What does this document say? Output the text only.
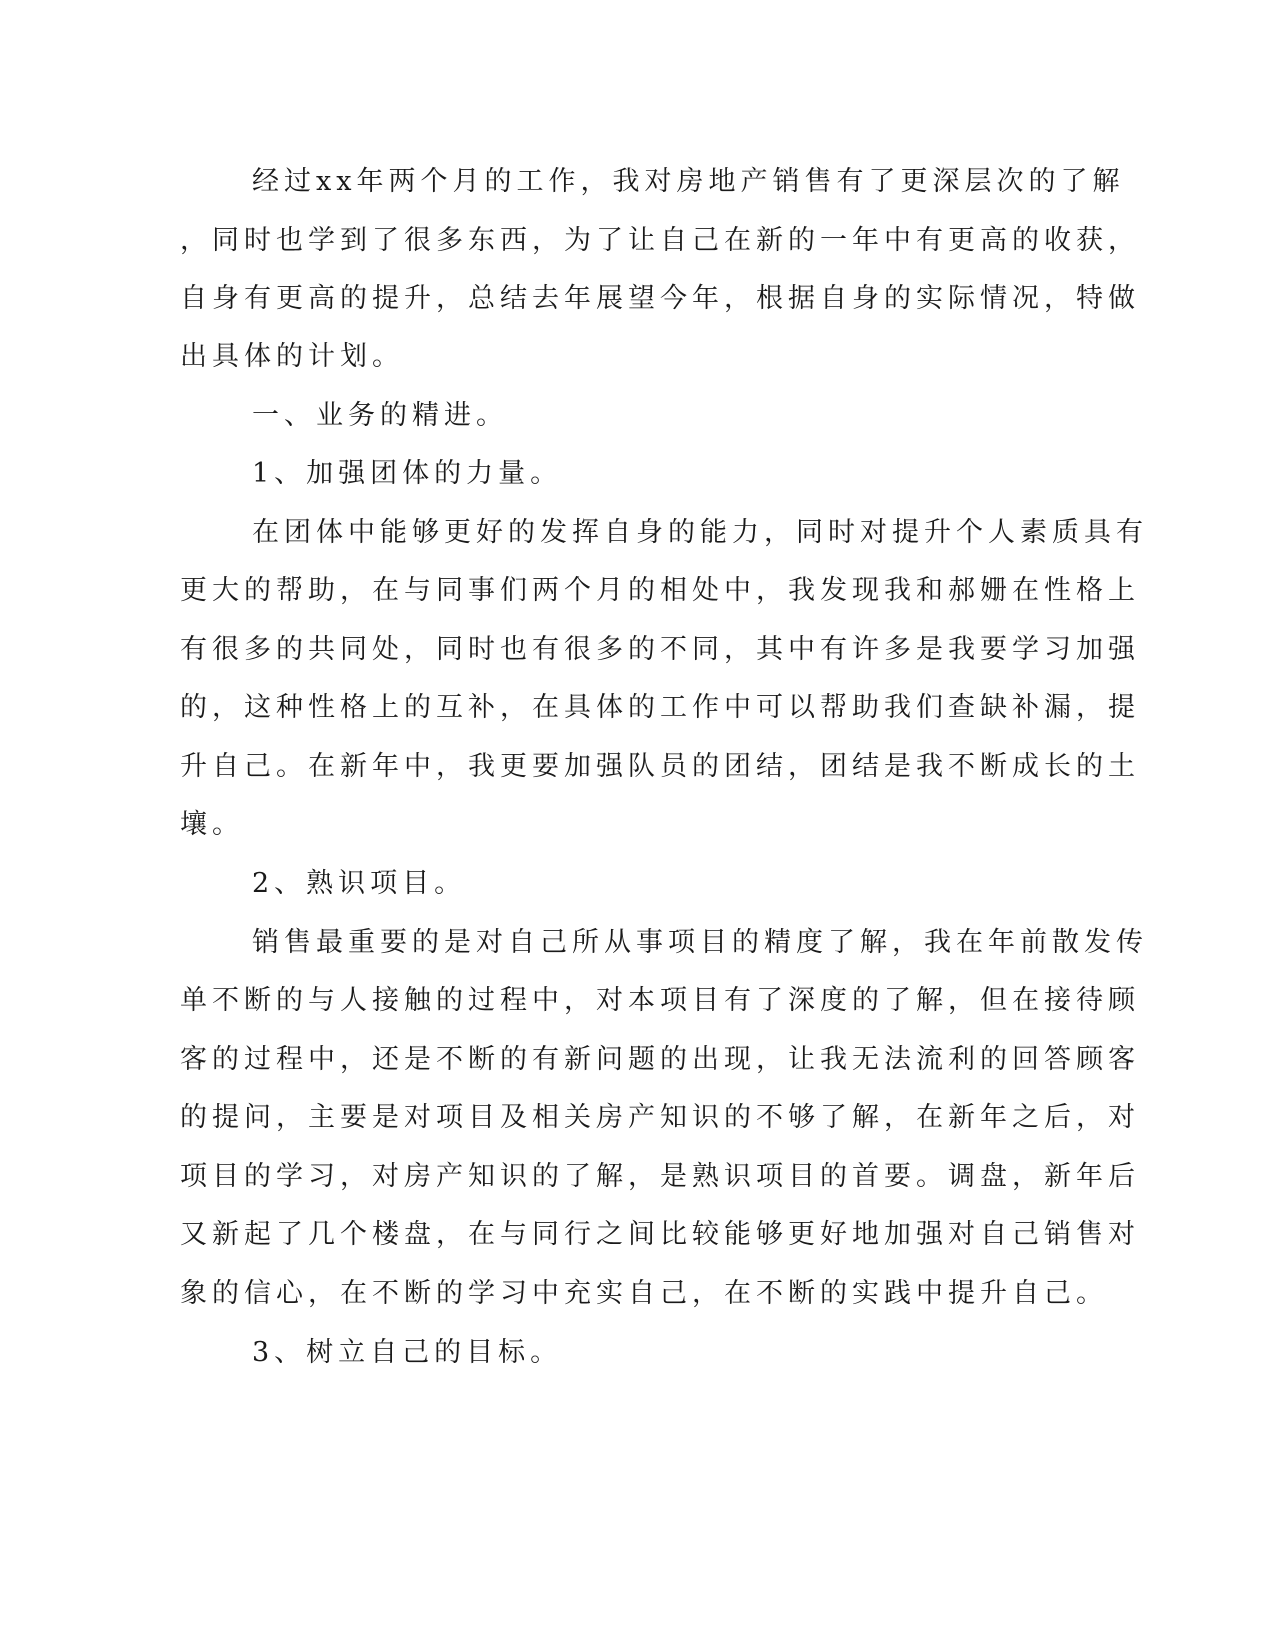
经过xx年两个月的工作，我对房地产销售有了更深层次的了解
，同时也学到了很多东西，为了让自己在新的一年中有更高的收获，
自身有更高的提升，总结去年展望今年，根据自身的实际情况，特做
出具体的计划。
一、业务的精进。
1、加强团体的力量。
在团体中能够更好的发挥自身的能力，同时对提升个人素质具有
更大的帮助，在与同事们两个月的相处中，我发现我和郝姗在性格上
有很多的共同处，同时也有很多的不同，其中有许多是我要学习加强
的，这种性格上的互补，在具体的工作中可以帮助我们查缺补漏，提
升自己。在新年中，我更要加强队员的团结，团结是我不断成长的土
壤。
2、熟识项目。
销售最重要的是对自己所从事项目的精度了解，我在年前散发传
单不断的与人接触的过程中，对本项目有了深度的了解，但在接待顾
客的过程中，还是不断的有新问题的出现，让我无法流利的回答顾客
的提问，主要是对项目及相关房产知识的不够了解，在新年之后，对
项目的学习，对房产知识的了解，是熟识项目的首要。调盘，新年后
又新起了几个楼盘，在与同行之间比较能够更好地加强对自己销售对
象的信心，在不断的学习中充实自己，在不断的实践中提升自己。
3、树立自己的目标。
